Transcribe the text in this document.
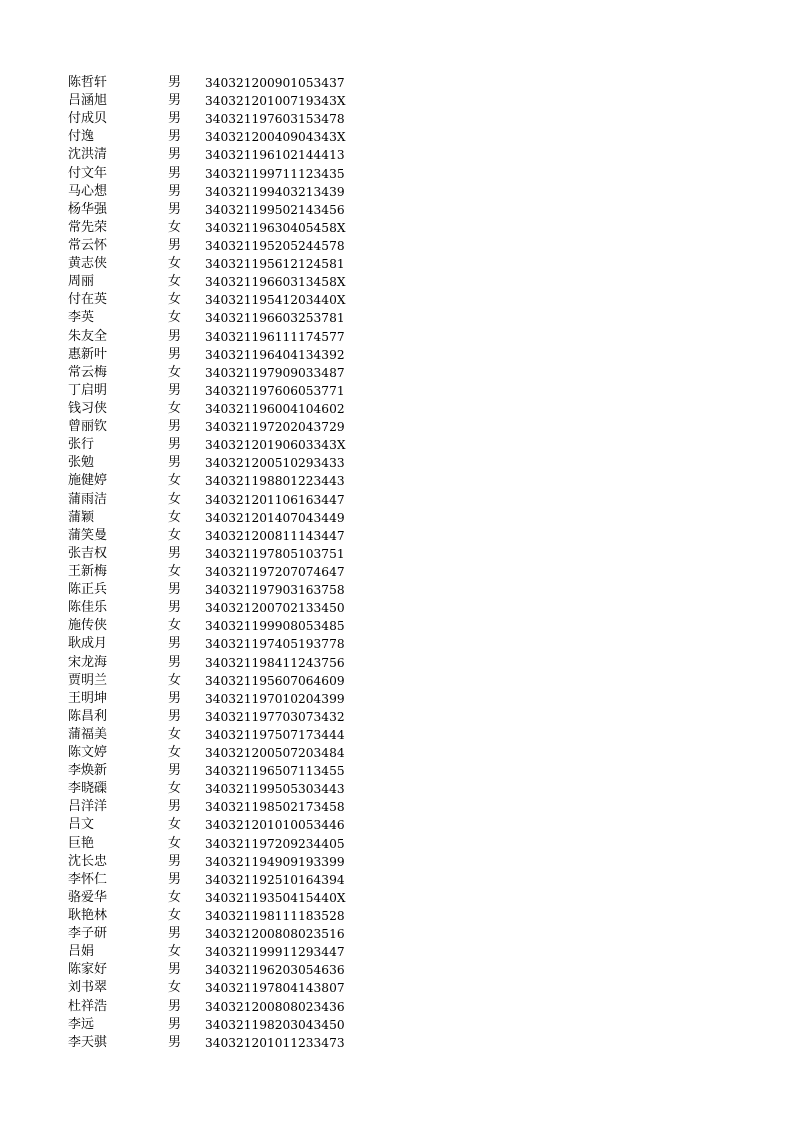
陈哲轩	男 340321200901053437
吕涵旭	男 34032120100719343X
付成贝	男 340321197603153478
付逸	男 34032120040904343X
沈洪清	男 340321196102144413
付文年	男 340321199711123435
马心想	男 340321199403213439
杨华强	男 340321199502143456
常先荣	女 34032119630405458X
常云怀	男 340321195205244578
黄志侠	女 340321195612124581
周丽	女 34032119660313458X
付在英	女 34032119541203440X
李英	女 340321196603253781
朱友全	男 340321196111174577
惠新叶	男 340321196404134392
常云梅	女 340321197909033487
丁启明	男 340321197606053771
钱习侠	女 340321196004104602
曾丽钦	男 340321197202043729
张行	男 34032120190603343X
张勉	男 340321200510293433
施健婷	女 340321198801223443
蒲雨洁	女 340321201106163447
蒲颖	女 340321201407043449
蒲笑曼	女 340321200811143447
张吉权	男 340321197805103751
王新梅	女 340321197207074647
陈正兵	男 340321197903163758
陈佳乐	男 340321200702133450
施传侠	女 340321199908053485
耿成月	男 340321197405193778
宋龙海	男 340321198411243756
贾明兰	女 340321195607064609
王明坤	男 340321197010204399
陈昌利	男 340321197703073432
蒲福美	女 340321197507173444
陈文婷	女 340321200507203484
李焕新	男 340321196507113455
李晓磲	女 340321199505303443
吕洋洋	男 340321198502173458
吕文	女 340321201010053446
巨艳	女 340321197209234405
沈长忠	男 340321194909193399
李怀仁	男 340321192510164394
骆爱华	女 34032119350415440X
耿艳林	女 340321198111183528
李子研	男 340321200808023516
吕娟	女 340321199911293447
陈家好	男 340321196203054636
刘书翠	女 340321197804143807
杜祥浩	男 340321200808023436
李远	男 340321198203043450
李天骐	男 340321201011233473
